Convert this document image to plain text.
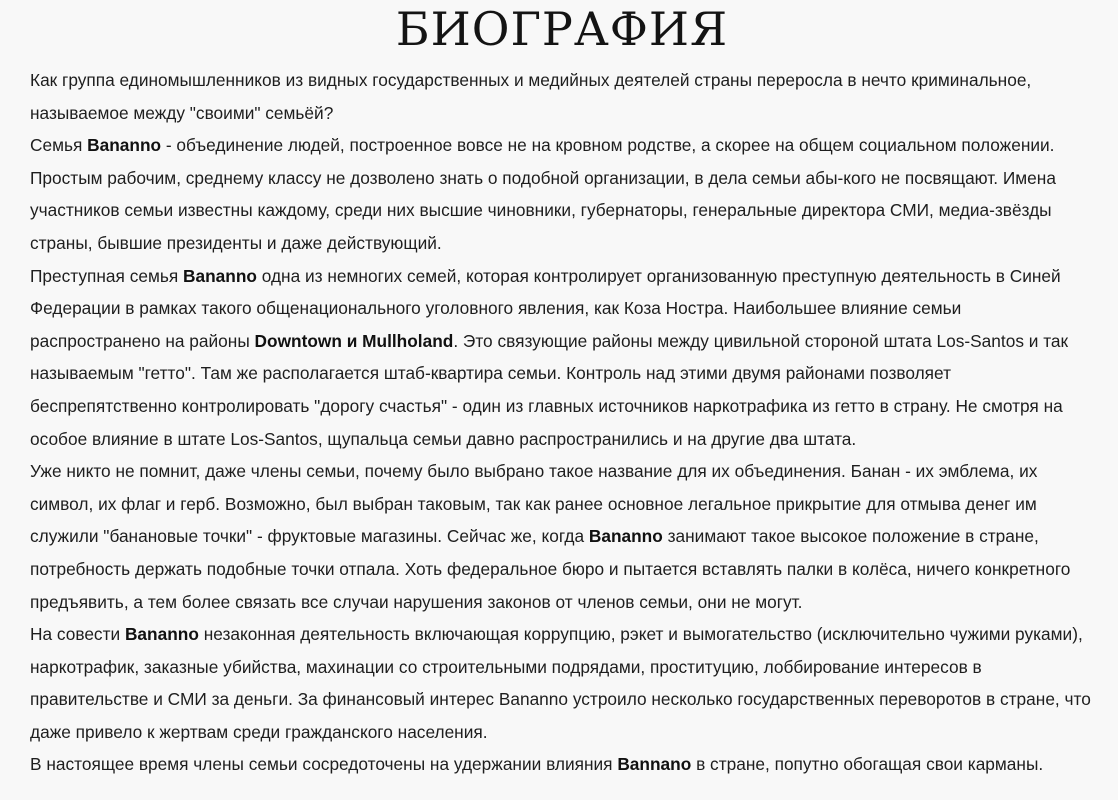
БИОГРАФИЯ

Как группа единомышленников из видных государственных и медийных деятелей страны переросла в нечто криминальное, называемое между "своими" семьёй?

Семья Bananno - объединение людей, построенное вовсе не на кровном родстве, а скорее на общем социальном положении. Простым рабочим, среднему классу не дозволено знать о подобной организации, в дела семьи абы-кого не посвящают. Имена участников семьи известны каждому, среди них высшие чиновники, губернаторы, генеральные директора СМИ, медиа-звёзды страны, бывшие президенты и даже действующий.

Преступная семья Bananno одна из немногих семей, которая контролирует организованную преступную деятельность в Синей Федерации в рамках такого общенационального уголовного явления, как Коза Ностра. Наибольшее влияние семьи распространено на районы Downtown и Mullholand. Это связующие районы между цивильной стороной штата Los-Santos и так называемым "гетто". Там же располагается штаб-квартира семьи. Контроль над этими двумя районами позволяет беспрепятственно контролировать "дорогу счастья" - один из главных источников наркотрафика из гетто в страну. Не смотря на особое влияние в штате Los-Santos, щупальца семьи давно распространились и на другие два штата.

Уже никто не помнит, даже члены семьи, почему было выбрано такое название для их объединения. Банан - их эмблема, их символ, их флаг и герб. Возможно, был выбран таковым, так как ранее основное легальное прикрытие для отмыва денег им служили "банановые точки" - фруктовые магазины. Сейчас же, когда Bananno занимают такое высокое положение в стране, потребность держать подобные точки отпала. Хоть федеральное бюро и пытается вставлять палки в колёса, ничего конкретного предъявить, а тем более связать все случаи нарушения законов от членов семьи, они не могут.

На совести Bananno незаконная деятельность включающая коррупцию, рэкет и вымогательство (исключительно чужими руками), наркотрафик, заказные убийства, махинации со строительными подрядами, проституцию, лоббирование интересов в правительстве и СМИ за деньги. За финансовый интерес Bananno устроило несколько государственных переворотов в стране, что даже привело к жертвам среди гражданского населения.

В настоящее время члены семьи сосредоточены на удержании влияния Bannano в стране, попутно обогащая свои карманы.
